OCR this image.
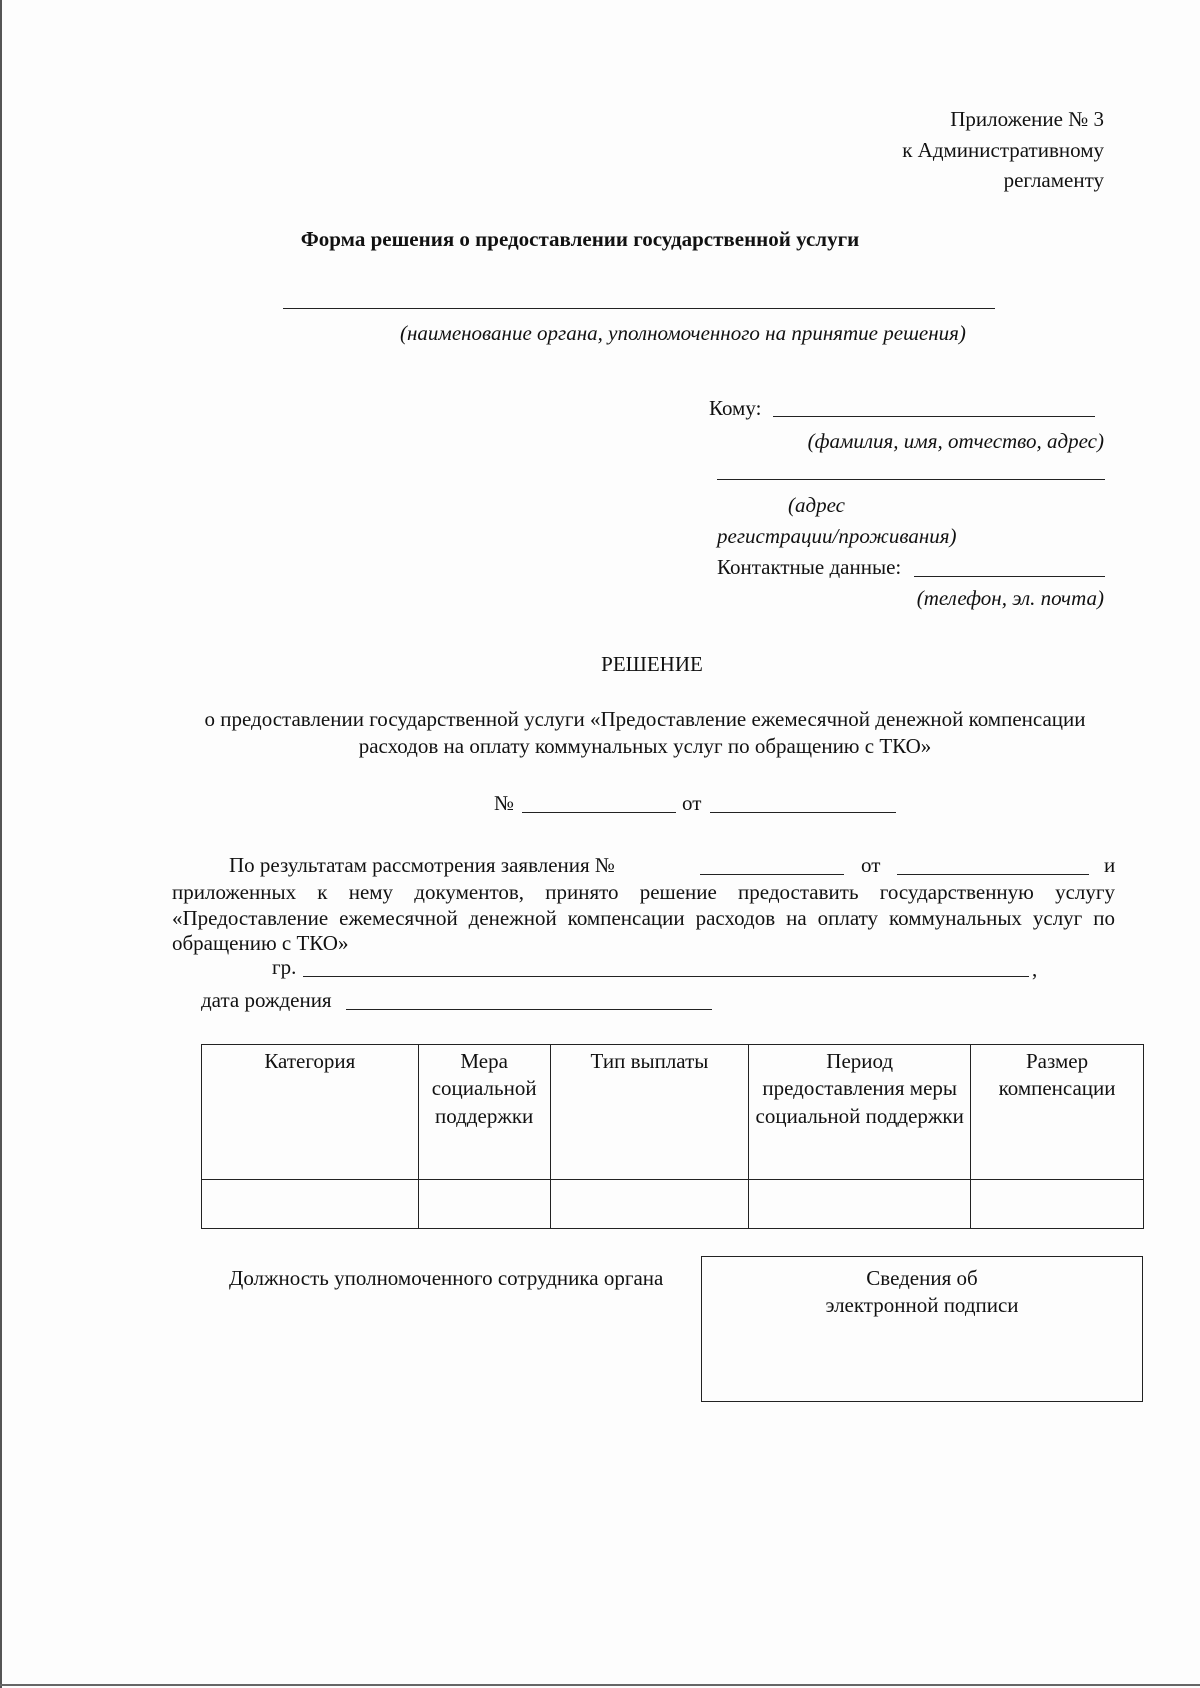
Приложение № 3
к Административному
регламенту
Форма решения о предоставлении государственной услуги
(наименование органа, уполномоченного на принятие решения)
Кому:
(фамилия, имя, отчество, адрес)
(адрес
регистрации/проживания)
Контактные данные:
(телефон, эл. почта)
РЕШЕНИЕ
о предоставлении государственной услуги «Предоставление ежемесячной денежной компенсации
расходов на оплату коммунальных услуг по обращению с ТКО»
№	от
По результатам рассмотрения заявления №	от	и
приложенных к нему документов, принято решение предоставить государственную услугу
«Предоставление ежемесячной денежной компенсации расходов на оплату коммунальных услуг по
обращению с ТКО»
гр.	,
дата рождения
Категория	Мера социальной поддержки	Тип выплаты	Период предоставления меры социальной поддержки	Размер компенсации

Должность уполномоченного сотрудника органа	Сведения об
электронной подписи
